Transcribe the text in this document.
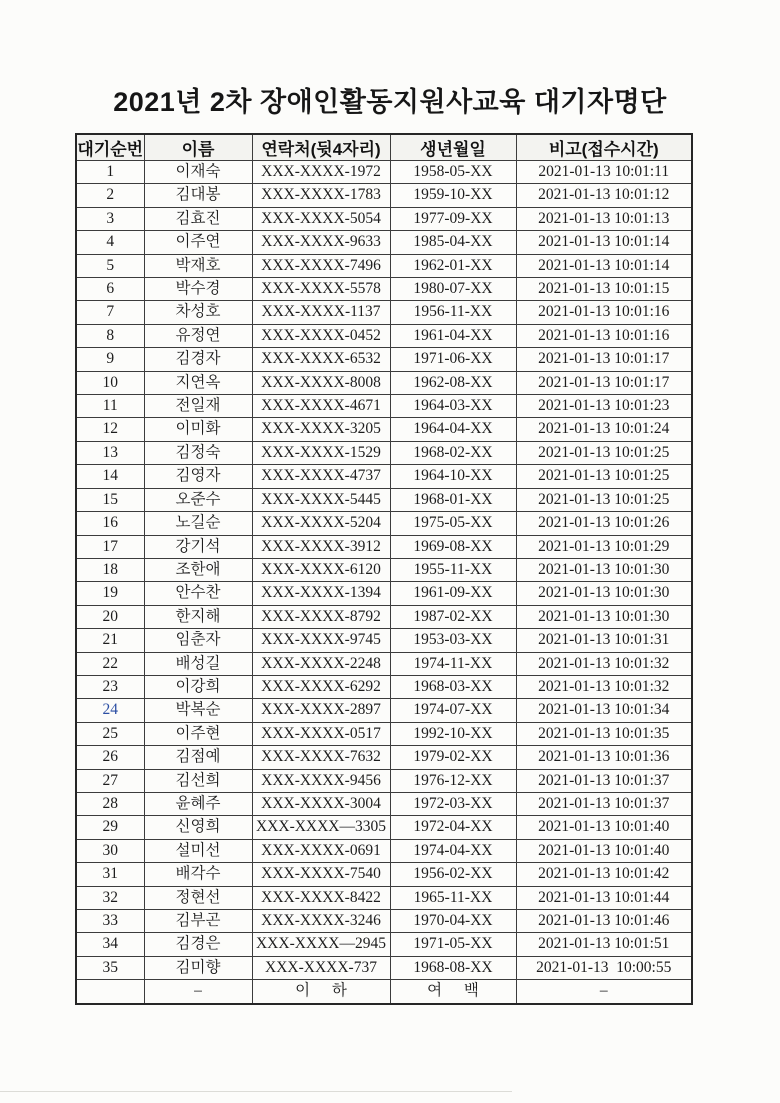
2021년 2차 장애인활동지원사교육 대기자명단
대기순번	이름	연락처(뒷4자리)	생년월일	비고(접수시간)
1	이재숙	XXX-XXXX-1972	1958-05-XX	2021-01-13 10:01:11
2	김대봉	XXX-XXXX-1783	1959-10-XX	2021-01-13 10:01:12
3	김효진	XXX-XXXX-5054	1977-09-XX	2021-01-13 10:01:13
4	이주연	XXX-XXXX-9633	1985-04-XX	2021-01-13 10:01:14
5	박재호	XXX-XXXX-7496	1962-01-XX	2021-01-13 10:01:14
6	박수경	XXX-XXXX-5578	1980-07-XX	2021-01-13 10:01:15
7	차성호	XXX-XXXX-1137	1956-11-XX	2021-01-13 10:01:16
8	유정연	XXX-XXXX-0452	1961-04-XX	2021-01-13 10:01:16
9	김경자	XXX-XXXX-6532	1971-06-XX	2021-01-13 10:01:17
10	지연옥	XXX-XXXX-8008	1962-08-XX	2021-01-13 10:01:17
11	전일재	XXX-XXXX-4671	1964-03-XX	2021-01-13 10:01:23
12	이미화	XXX-XXXX-3205	1964-04-XX	2021-01-13 10:01:24
13	김정숙	XXX-XXXX-1529	1968-02-XX	2021-01-13 10:01:25
14	김영자	XXX-XXXX-4737	1964-10-XX	2021-01-13 10:01:25
15	오준수	XXX-XXXX-5445	1968-01-XX	2021-01-13 10:01:25
16	노길순	XXX-XXXX-5204	1975-05-XX	2021-01-13 10:01:26
17	강기석	XXX-XXXX-3912	1969-08-XX	2021-01-13 10:01:29
18	조한애	XXX-XXXX-6120	1955-11-XX	2021-01-13 10:01:30
19	안수찬	XXX-XXXX-1394	1961-09-XX	2021-01-13 10:01:30
20	한지해	XXX-XXXX-8792	1987-02-XX	2021-01-13 10:01:30
21	임춘자	XXX-XXXX-9745	1953-03-XX	2021-01-13 10:01:31
22	배성길	XXX-XXXX-2248	1974-11-XX	2021-01-13 10:01:32
23	이강희	XXX-XXXX-6292	1968-03-XX	2021-01-13 10:01:32
24	박복순	XXX-XXXX-2897	1974-07-XX	2021-01-13 10:01:34
25	이주현	XXX-XXXX-0517	1992-10-XX	2021-01-13 10:01:35
26	김점예	XXX-XXXX-7632	1979-02-XX	2021-01-13 10:01:36
27	김선희	XXX-XXXX-9456	1976-12-XX	2021-01-13 10:01:37
28	윤혜주	XXX-XXXX-3004	1972-03-XX	2021-01-13 10:01:37
29	신영희	XXX-XXXX—3305	1972-04-XX	2021-01-13 10:01:40
30	설미선	XXX-XXXX-0691	1974-04-XX	2021-01-13 10:01:40
31	배각수	XXX-XXXX-7540	1956-02-XX	2021-01-13 10:01:42
32	정현선	XXX-XXXX-8422	1965-11-XX	2021-01-13 10:01:44
33	김부곤	XXX-XXXX-3246	1970-04-XX	2021-01-13 10:01:46
34	김경은	XXX-XXXX—2945	1971-05-XX	2021-01-13 10:01:51
35	김미향	XXX-XXXX-737	1968-08-XX	2021-01-13  10:00:55
	–	이 하	여 백	–
